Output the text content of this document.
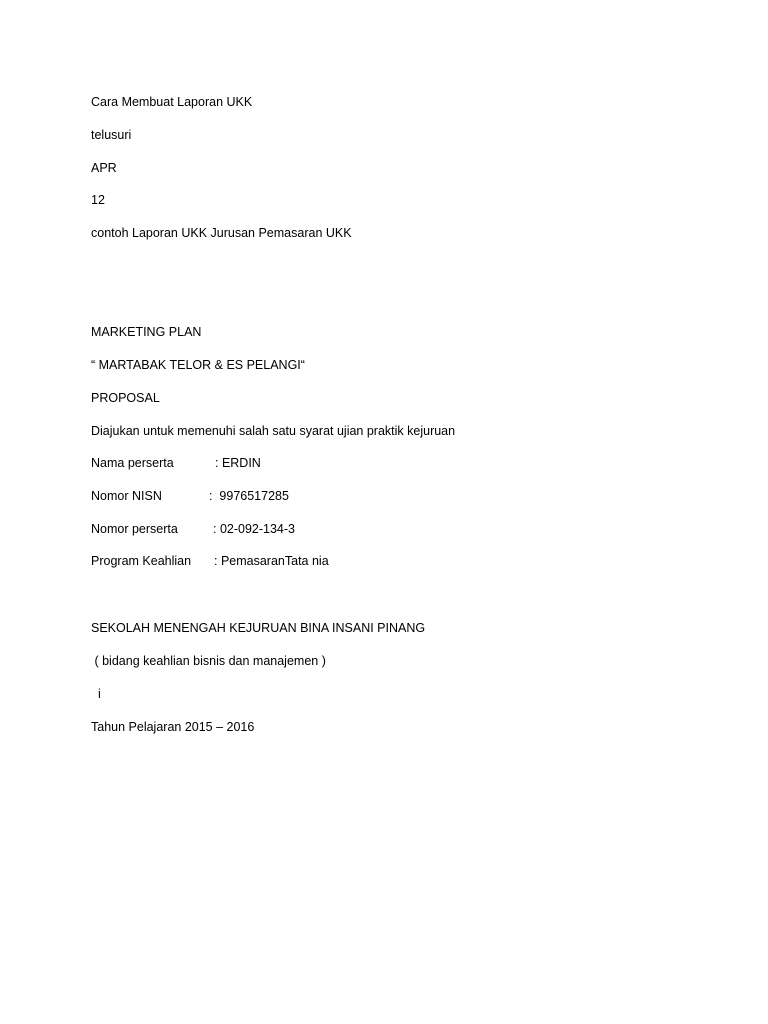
Cara Membuat Laporan UKK
telusuri
APR
12
contoh Laporan UKK Jurusan Pemasaran UKK
MARKETING PLAN
“ MARTABAK TELOR & ES PELANGI“
PROPOSAL
Diajukan untuk memenuhi salah satu syarat ujian praktik kejuruan
Nama perserta	: ERDIN
Nomor NISN	:  9976517285
Nomor perserta	: 02-092-134-3
Program Keahlian : PemasaranTata nia
SEKOLAH MENENGAH KEJURUAN BINA INSANI PINANG
( bidang keahlian bisnis dan manajemen )
i
Tahun Pelajaran 2015 – 2016
